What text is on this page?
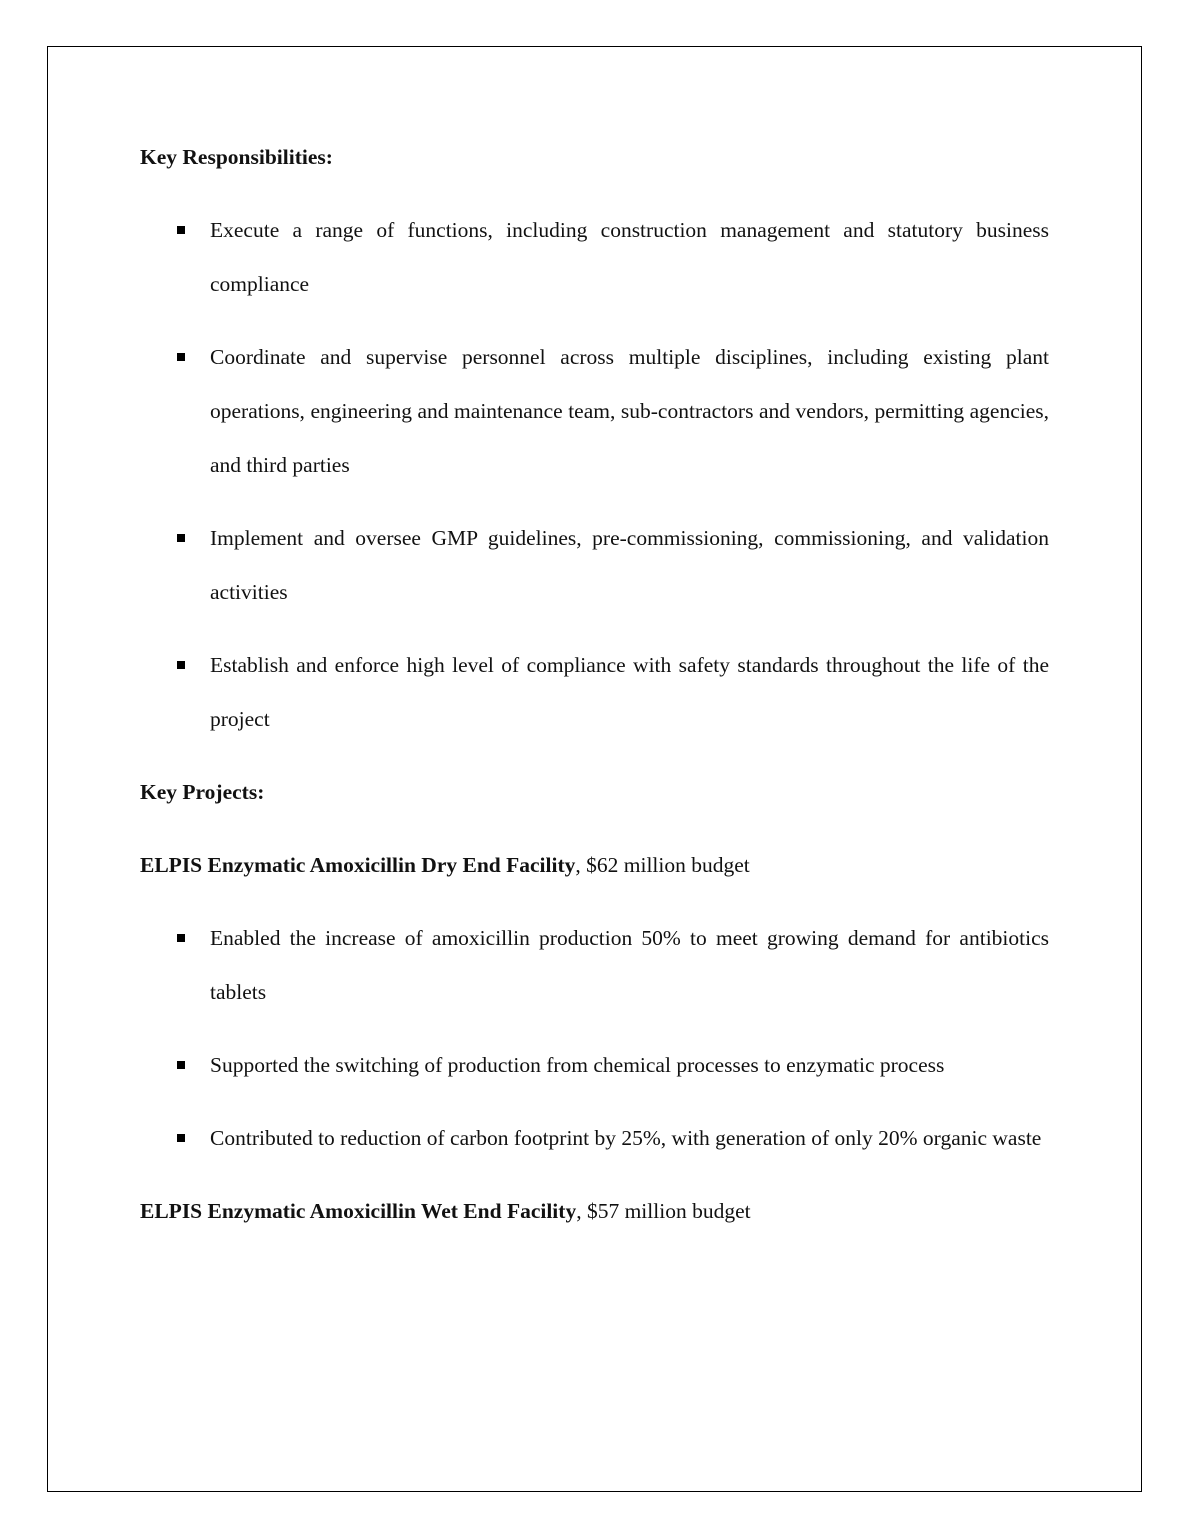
Key Responsibilities:
Execute a range of functions, including construction management and statutory business compliance
Coordinate and supervise personnel across multiple disciplines, including existing plant operations, engineering and maintenance team, sub-contractors and vendors, permitting agencies, and third parties
Implement and oversee GMP guidelines, pre-commissioning, commissioning, and validation activities
Establish and enforce high level of compliance with safety standards throughout the life of the project
Key Projects:
ELPIS Enzymatic Amoxicillin Dry End Facility, $62 million budget
Enabled the increase of amoxicillin production 50% to meet growing demand for antibiotics tablets
Supported the switching of production from chemical processes to enzymatic process
Contributed to reduction of carbon footprint by 25%, with generation of only 20% organic waste
ELPIS Enzymatic Amoxicillin Wet End Facility, $57 million budget
